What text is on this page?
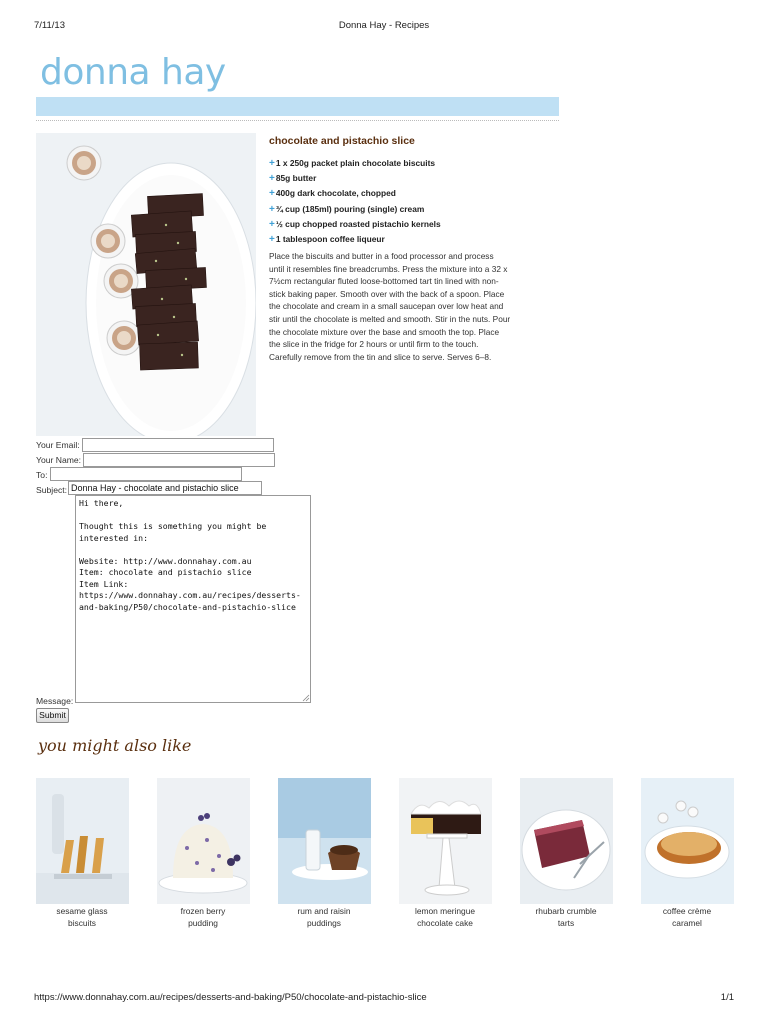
7/11/13	Donna Hay - Recipes
donna hay
chocolate and pistachio slice
+1 x 250g packet plain chocolate biscuits
+85g butter
+400g dark chocolate, chopped
+¾ cup (185ml) pouring (single) cream
+½ cup chopped roasted pistachio kernels
+1 tablespoon coffee liqueur
Place the biscuits and butter in a food processor and process until it resembles fine breadcrumbs. Press the mixture into a 32 x 7½cm rectangular fluted loose-bottomed tart tin lined with non-stick baking paper. Smooth over with the back of a spoon. Place the chocolate and cream in a small saucepan over low heat and stir until the chocolate is melted and smooth. Stir in the nuts. Pour the chocolate mixture over the base and smooth the top. Place the slice in the fridge for 2 hours or until firm to the touch. Carefully remove from the tin and slice to serve. Serves 6–8.
Your Email:
Your Name:
To:
Subject: Donna Hay - chocolate and pistachio slice
Hi there,

Thought this is something you might be interested in:

Website: http://www.donnahay.com.au
Item: chocolate and pistachio slice
Item Link:
https://www.donnahay.com.au/recipes/desserts-and-baking/P50/chocolate-and-pistachio-slice
Message:
Submit
you might also like
sesame glass
biscuits
frozen berry
pudding
rum and raisin
puddings
lemon meringue
chocolate cake
rhubarb crumble
tarts
coffee crème
caramel
https://www.donnahay.com.au/recipes/desserts-and-baking/P50/chocolate-and-pistachio-slice	1/1
